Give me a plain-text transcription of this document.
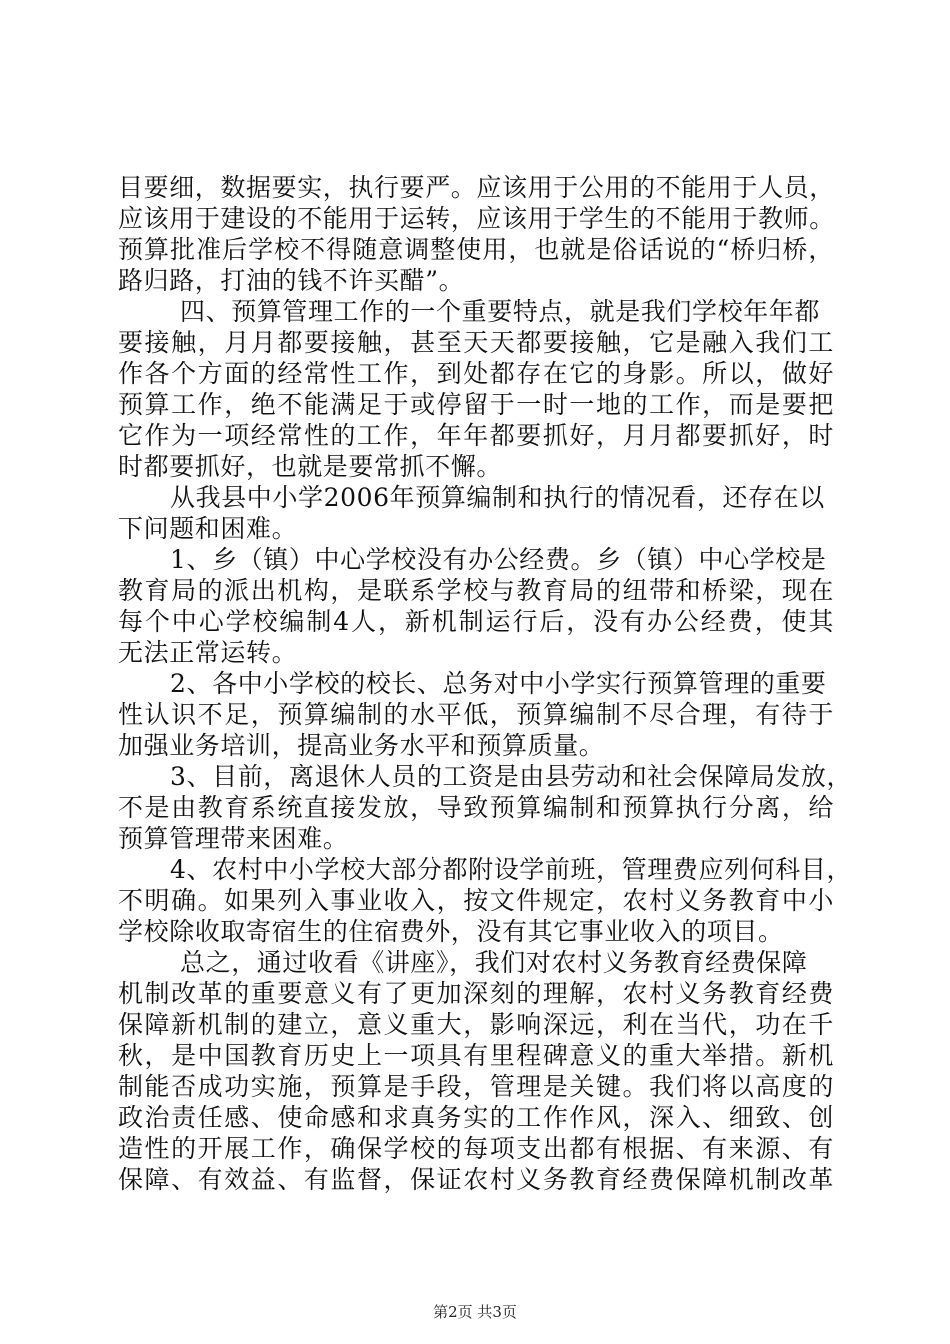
目要细，数据要实，执行要严。应该用于公用的不能用于人员，
应该用于建设的不能用于运转，应该用于学生的不能用于教师。
预算批准后学校不得随意调整使用，也就是俗话说的“桥归桥，
路归路，打油的钱不许买醋”。
四、预算管理工作的一个重要特点，就是我们学校年年都
要接触，月月都要接触，甚至天天都要接触，它是融入我们工
作各个方面的经常性工作，到处都存在它的身影。所以，做好
预算工作，绝不能满足于或停留于一时一地的工作，而是要把
它作为一项经常性的工作，年年都要抓好，月月都要抓好，时
时都要抓好，也就是要常抓不懈。
从我县中小学2006年预算编制和执行的情况看，还存在以
下问题和困难。
1、乡（镇）中心学校没有办公经费。乡（镇）中心学校是
教育局的派出机构，是联系学校与教育局的纽带和桥梁，现在
每个中心学校编制4人，新机制运行后，没有办公经费，使其
无法正常运转。
2、各中小学校的校长、总务对中小学实行预算管理的重要
性认识不足，预算编制的水平低，预算编制不尽合理，有待于
加强业务培训，提高业务水平和预算质量。
3、目前，离退休人员的工资是由县劳动和社会保障局发放，
不是由教育系统直接发放，导致预算编制和预算执行分离，给
预算管理带来困难。
4、农村中小学校大部分都附设学前班，管理费应列何科目，
不明确。如果列入事业收入，按文件规定，农村义务教育中小
学校除收取寄宿生的住宿费外，没有其它事业收入的项目。
总之，通过收看《讲座》，我们对农村义务教育经费保障
机制改革的重要意义有了更加深刻的理解，农村义务教育经费
保障新机制的建立，意义重大，影响深远，利在当代，功在千
秋，是中国教育历史上一项具有里程碑意义的重大举措。新机
制能否成功实施，预算是手段，管理是关键。我们将以高度的
政治责任感、使命感和求真务实的工作作风，深入、细致、创
造性的开展工作，确保学校的每项支出都有根据、有来源、有
保障、有效益、有监督，保证农村义务教育经费保障机制改革
第2页 共3页
